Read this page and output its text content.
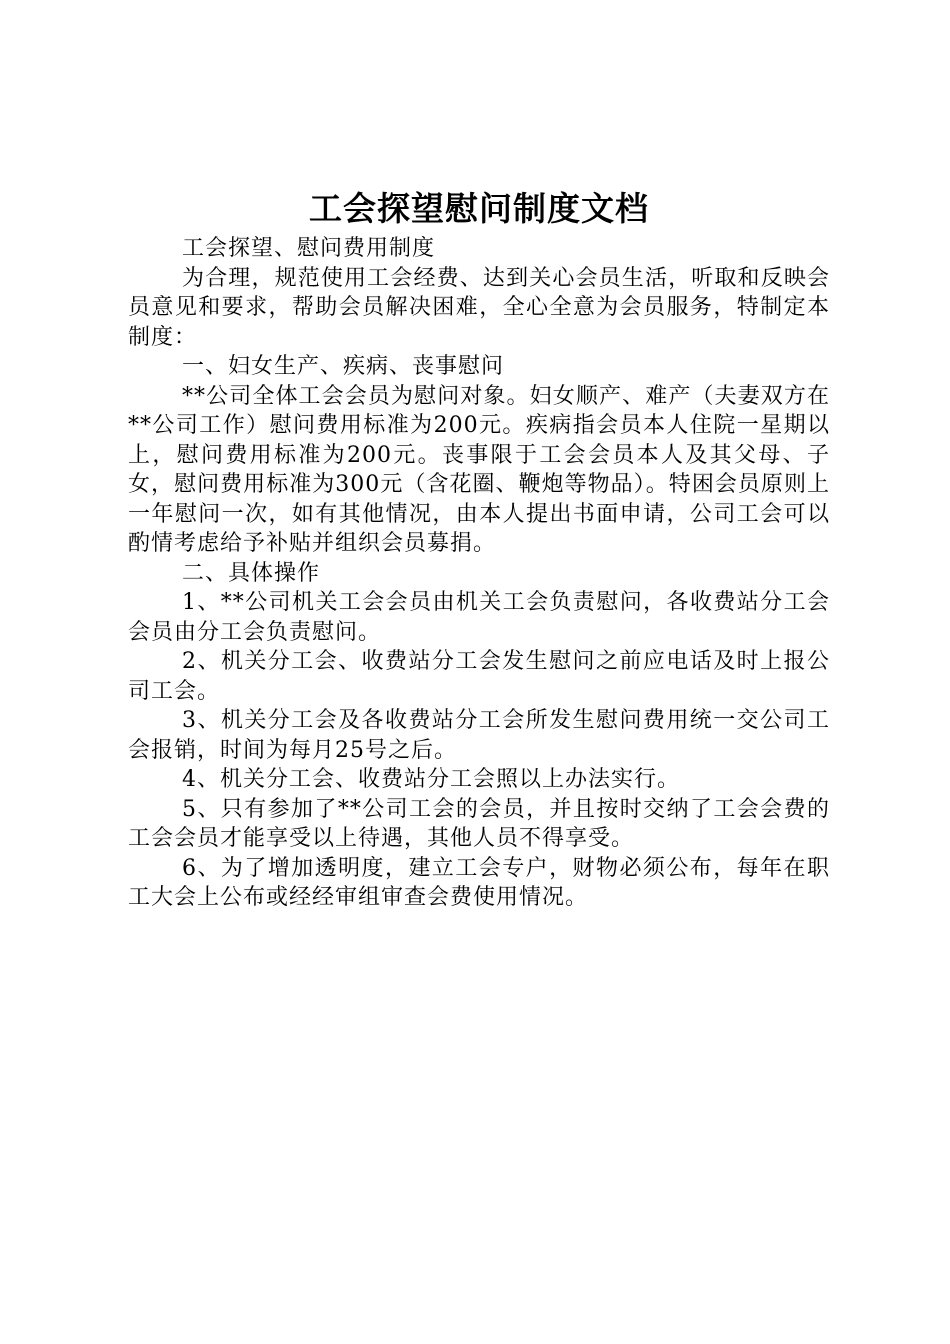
工会探望慰问制度文档

工会探望、慰问费用制度

为合理，规范使用工会经费、达到关心会员生活，听取和反映会员意见和要求，帮助会员解决困难，全心全意为会员服务，特制定本制度：

一、妇女生产、疾病、丧事慰问

**公司全体工会会员为慰问对象。妇女顺产、难产（夫妻双方在**公司工作）慰问费用标准为200元。疾病指会员本人住院一星期以上，慰问费用标准为200元。丧事限于工会会员本人及其父母、子女，慰问费用标准为300元（含花圈、鞭炮等物品）。特困会员原则上一年慰问一次，如有其他情况，由本人提出书面申请，公司工会可以酌情考虑给予补贴并组织会员募捐。

二、具体操作

1、**公司机关工会会员由机关工会负责慰问，各收费站分工会会员由分工会负责慰问。

2、机关分工会、收费站分工会发生慰问之前应电话及时上报公司工会。

3、机关分工会及各收费站分工会所发生慰问费用统一交公司工会报销，时间为每月25号之后。

4、机关分工会、收费站分工会照以上办法实行。

5、只有参加了**公司工会的会员，并且按时交纳了工会会费的工会会员才能享受以上待遇，其他人员不得享受。

6、为了增加透明度，建立工会专户，财物必须公布，每年在职工大会上公布或经经审组审查会费使用情况。
